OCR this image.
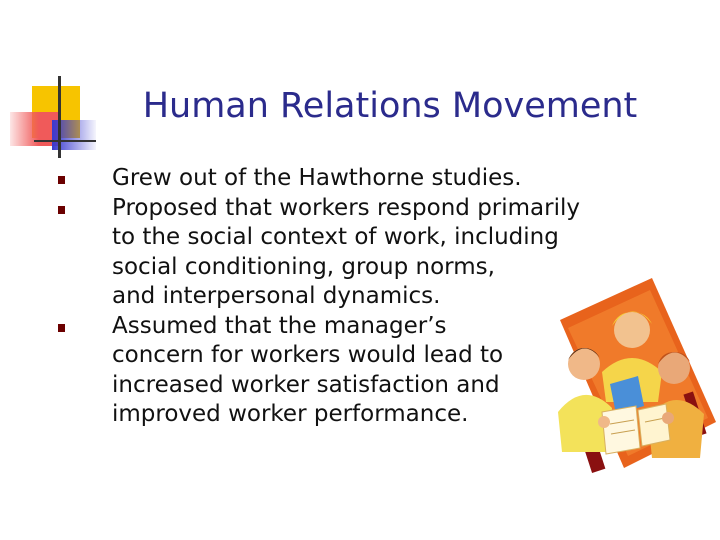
Human Relations Movement
Grew out of the Hawthorne studies.
Proposed that workers respond primarily
to the social context of work, including
social conditioning, group norms,
and interpersonal dynamics.
Assumed that the manager’s
concern for workers would lead to
increased worker satisfaction and
improved worker performance.
